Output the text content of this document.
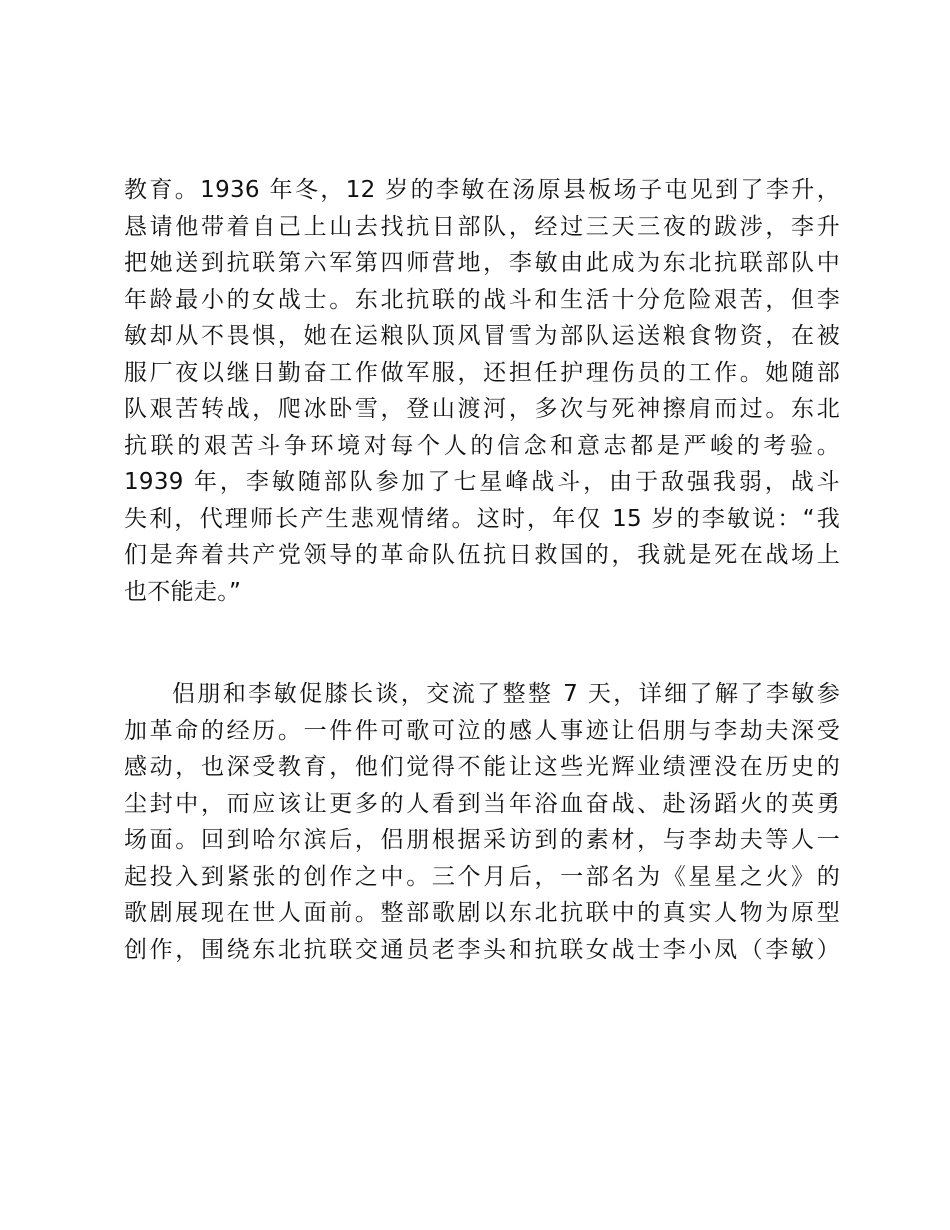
教育。1936 年冬，12 岁的李敏在汤原县板场子屯见到了李升，
恳请他带着自己上山去找抗日部队，经过三天三夜的跋涉，李升
把她送到抗联第六军第四师营地，李敏由此成为东北抗联部队中
年龄最小的女战士。东北抗联的战斗和生活十分危险艰苦，但李
敏却从不畏惧，她在运粮队顶风冒雪为部队运送粮食物资，在被
服厂夜以继日勤奋工作做军服，还担任护理伤员的工作。她随部
队艰苦转战，爬冰卧雪，登山渡河，多次与死神擦肩而过。东北
抗联的艰苦斗争环境对每个人的信念和意志都是严峻的考验。
1939 年，李敏随部队参加了七星峰战斗，由于敌强我弱，战斗
失利，代理师长产生悲观情绪。这时，年仅 15 岁的李敏说：“我
们是奔着共产党领导的革命队伍抗日救国的，我就是死在战场上
也不能走。”
侣朋和李敏促膝长谈，交流了整整 7 天，详细了解了李敏参
加革命的经历。一件件可歌可泣的感人事迹让侣朋与李劫夫深受
感动，也深受教育，他们觉得不能让这些光辉业绩湮没在历史的
尘封中，而应该让更多的人看到当年浴血奋战、赴汤蹈火的英勇
场面。回到哈尔滨后，侣朋根据采访到的素材，与李劫夫等人一
起投入到紧张的创作之中。三个月后，一部名为《星星之火》的
歌剧展现在世人面前。整部歌剧以东北抗联中的真实人物为原型
创作，围绕东北抗联交通员老李头和抗联女战士李小凤（李敏）
